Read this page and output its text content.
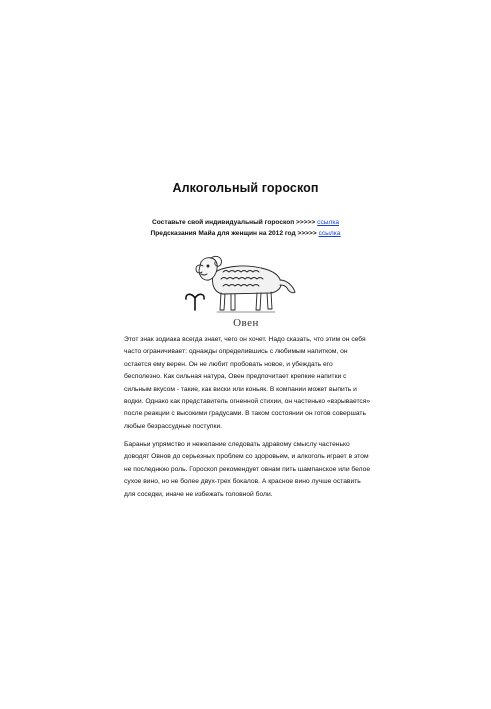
Алкогольный гороскоп
Составьте свой индивидуальный гороскоп >>>>> ссылка
Предсказания Майа для женщин на 2012 год >>>>> ссылка
Овен
Этот знак зодиака всегда знает, чего он хочет. Надо сказать, что этим он себя часто ограничивает: однажды определившись с любимым напитком, он остается ему верен. Он не любит пробовать новое, и убеждать его бесполезно. Как сильная натура, Овен предпочитает крепкие напитки с сильным вкусом - такие, как виски или коньяк. В компании может выпить и водки. Однако как представитель огненной стихии, он частенько «взрывается» после реакции с высокими градусами. В таком состоянии он готов совершать любые безрассудные поступки.
Бараньи упрямство и нежелание следовать здравому смыслу частенько доводят Овнов до серьезных проблем со здоровьем, и алкоголь играет в этом не последнюю роль. Гороскоп рекомендует овнам пить шампанское или белое сухое вино, но не более двух-трех бокалов. А красное вино лучше оставить для соседки, иначе не избежать головной боли.
